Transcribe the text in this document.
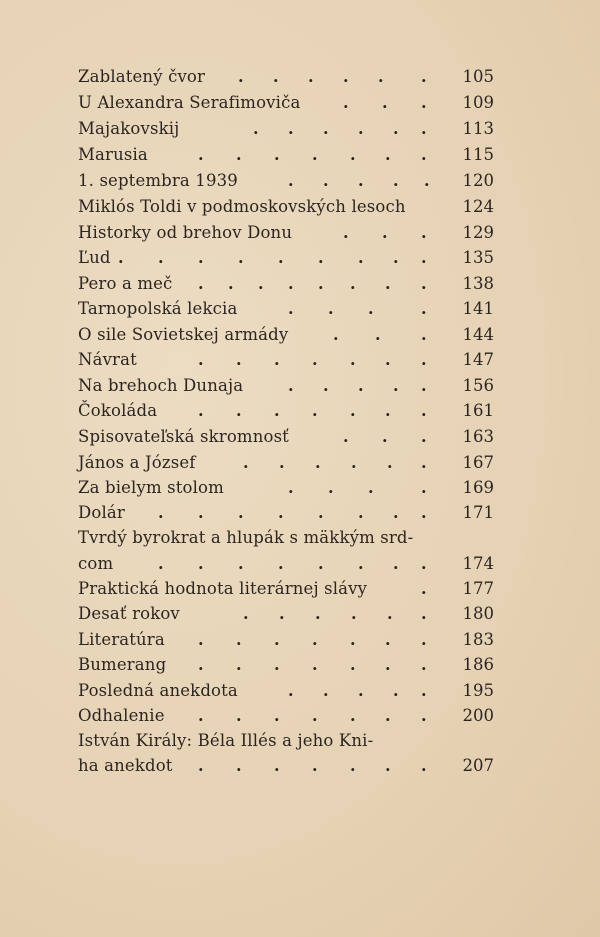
Zablatený čvor . . . . . . 105
U Alexandra Serafimoviča	. . . 109
Majakovskij	. . . . . . 113
Marusia	. . . . . . . 115
1. septembra 1939	. . . . . 120
Miklós Toldi v podmoskovských lesoch	124
Historky od brehov Donu	. . . 129
Ľud . . . . . . . . . 135
Pero a meč . . . . . . . . 138
Tarnopolská lekcia	. . .	. 141
O sile Sovietskej armády	. .	. 144
Návrat	. . . . . . . 147
Na brehoch Dunaja	. . . . . 156
Čokoláda	. . . . . . . 161
Spisovateľská skromnosť	. . . 163
János a József	. . . . . . 167
Za bielym stolom	. . .	. 169
Dolár . . . . . . . . 171
Tvrdý byrokrat a hlupák s mäkkým srd-
com	. . . . . . . . 174
Praktická hodnota literárnej slávy	. 177
Desať rokov	. . . . . . 180
Literatúra . . . . . . . 183
Bumerang . . . . . . . 186
Posledná anekdota	. . . . . 195
Odhalenie . . . . . . . 200
István Király: Béla Illés a jeho Kni-
ha anekdot . . . . . . . 207
